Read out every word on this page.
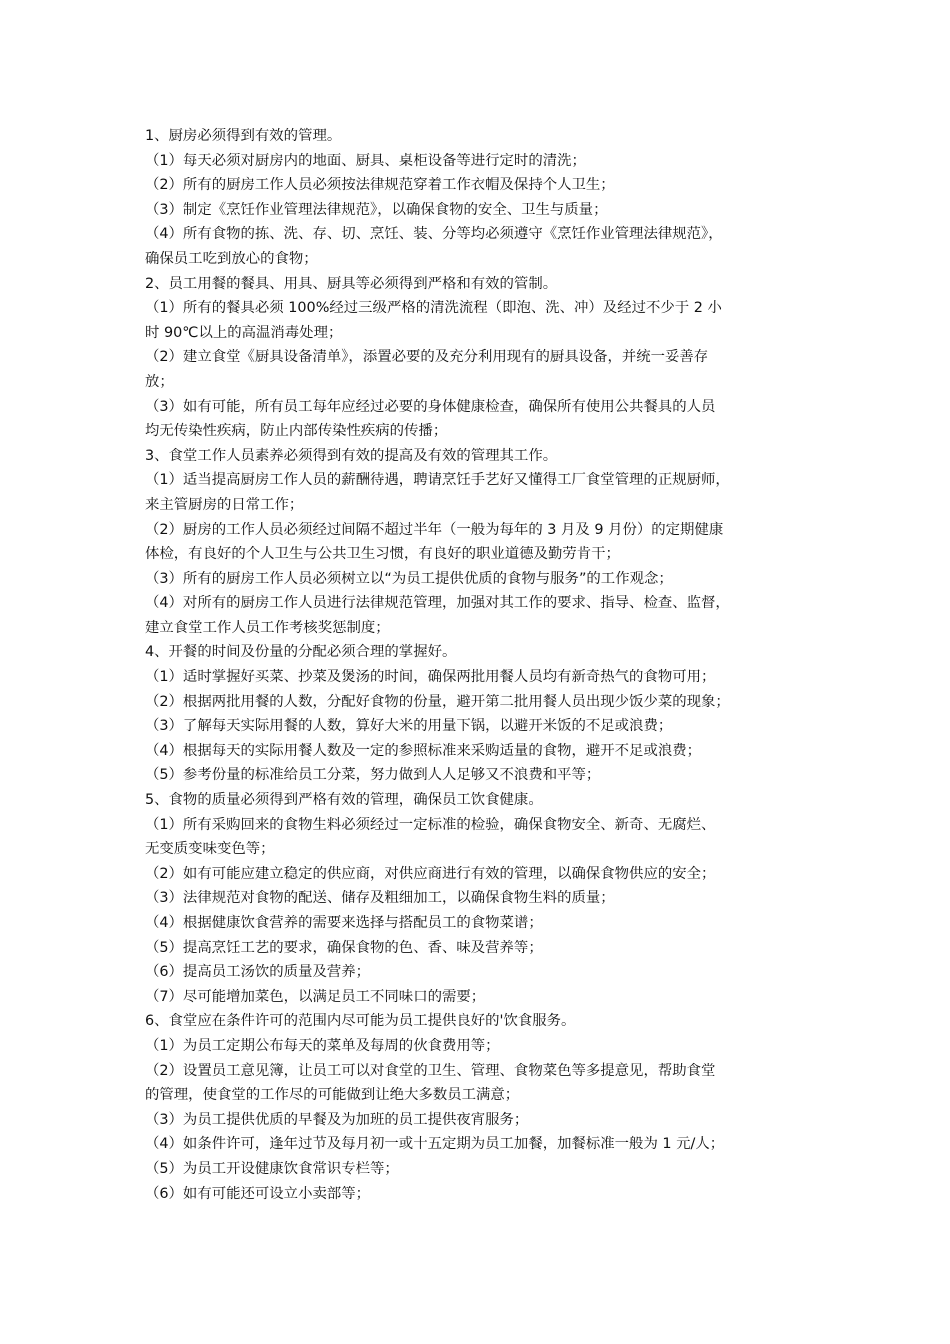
1、厨房必须得到有效的管理。
（1）每天必须对厨房内的地面、厨具、桌柜设备等进行定时的清洗；
（2）所有的厨房工作人员必须按法律规范穿着工作衣帽及保持个人卫生；
（3）制定《烹饪作业管理法律规范》，以确保食物的安全、卫生与质量；
（4）所有食物的拣、洗、存、切、烹饪、装、分等均必须遵守《烹饪作业管理法律规范》，
确保员工吃到放心的食物；
2、员工用餐的餐具、用具、厨具等必须得到严格和有效的管制。
（1）所有的餐具必须 100%经过三级严格的清洗流程（即泡、洗、冲）及经过不少于 2 小
时 90℃以上的高温消毒处理；
（2）建立食堂《厨具设备清单》，添置必要的及充分利用现有的厨具设备，并统一妥善存
放；
（3）如有可能，所有员工每年应经过必要的身体健康检查，确保所有使用公共餐具的人员
均无传染性疾病，防止内部传染性疾病的传播；
3、食堂工作人员素养必须得到有效的提高及有效的管理其工作。
（1）适当提高厨房工作人员的薪酬待遇，聘请烹饪手艺好又懂得工厂食堂管理的正规厨师，
来主管厨房的日常工作；
（2）厨房的工作人员必须经过间隔不超过半年（一般为每年的 3 月及 9 月份）的定期健康
体检，有良好的个人卫生与公共卫生习惯，有良好的职业道德及勤劳肯干；
（3）所有的厨房工作人员必须树立以“为员工提供优质的食物与服务”的工作观念；
（4）对所有的厨房工作人员进行法律规范管理，加强对其工作的要求、指导、检查、监督，
建立食堂工作人员工作考核奖惩制度；
4、开餐的时间及份量的分配必须合理的掌握好。
（1）适时掌握好买菜、抄菜及煲汤的时间，确保两批用餐人员均有新奇热气的食物可用；
（2）根据两批用餐的人数，分配好食物的份量，避开第二批用餐人员出现少饭少菜的现象；
（3）了解每天实际用餐的人数，算好大米的用量下锅，以避开米饭的不足或浪费；
（4）根据每天的实际用餐人数及一定的参照标准来采购适量的食物，避开不足或浪费；
（5）参考份量的标准给员工分菜，努力做到人人足够又不浪费和平等；
5、食物的质量必须得到严格有效的管理，确保员工饮食健康。
（1）所有采购回来的食物生料必须经过一定标准的检验，确保食物安全、新奇、无腐烂、
无变质变味变色等；
（2）如有可能应建立稳定的供应商，对供应商进行有效的管理，以确保食物供应的安全；
（3）法律规范对食物的配送、储存及粗细加工，以确保食物生料的质量；
（4）根据健康饮食营养的需要来选择与搭配员工的食物菜谱；
（5）提高烹饪工艺的要求，确保食物的色、香、味及营养等；
（6）提高员工汤饮的质量及营养；
（7）尽可能增加菜色，以满足员工不同味口的需要；
6、食堂应在条件许可的范围内尽可能为员工提供良好的'饮食服务。
（1）为员工定期公布每天的菜单及每周的伙食费用等；
（2）设置员工意见簿，让员工可以对食堂的卫生、管理、食物菜色等多提意见，帮助食堂
的管理，使食堂的工作尽的可能做到让绝大多数员工满意；
（3）为员工提供优质的早餐及为加班的员工提供夜宵服务；
（4）如条件许可，逢年过节及每月初一或十五定期为员工加餐，加餐标准一般为 1 元/人；
（5）为员工开设健康饮食常识专栏等；
（6）如有可能还可设立小卖部等；
